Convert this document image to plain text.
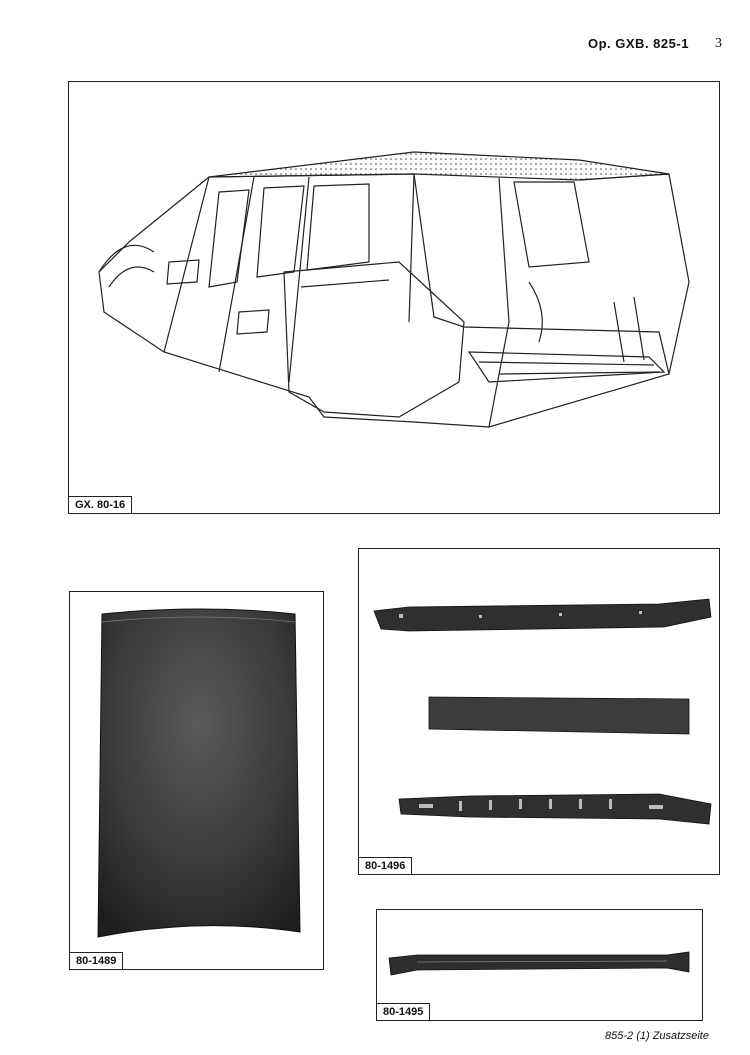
Op. GXB. 825-1 3
GX. 80-16
80-1489
80-1496
80-1495
855-2 (1) Zusatzseite
